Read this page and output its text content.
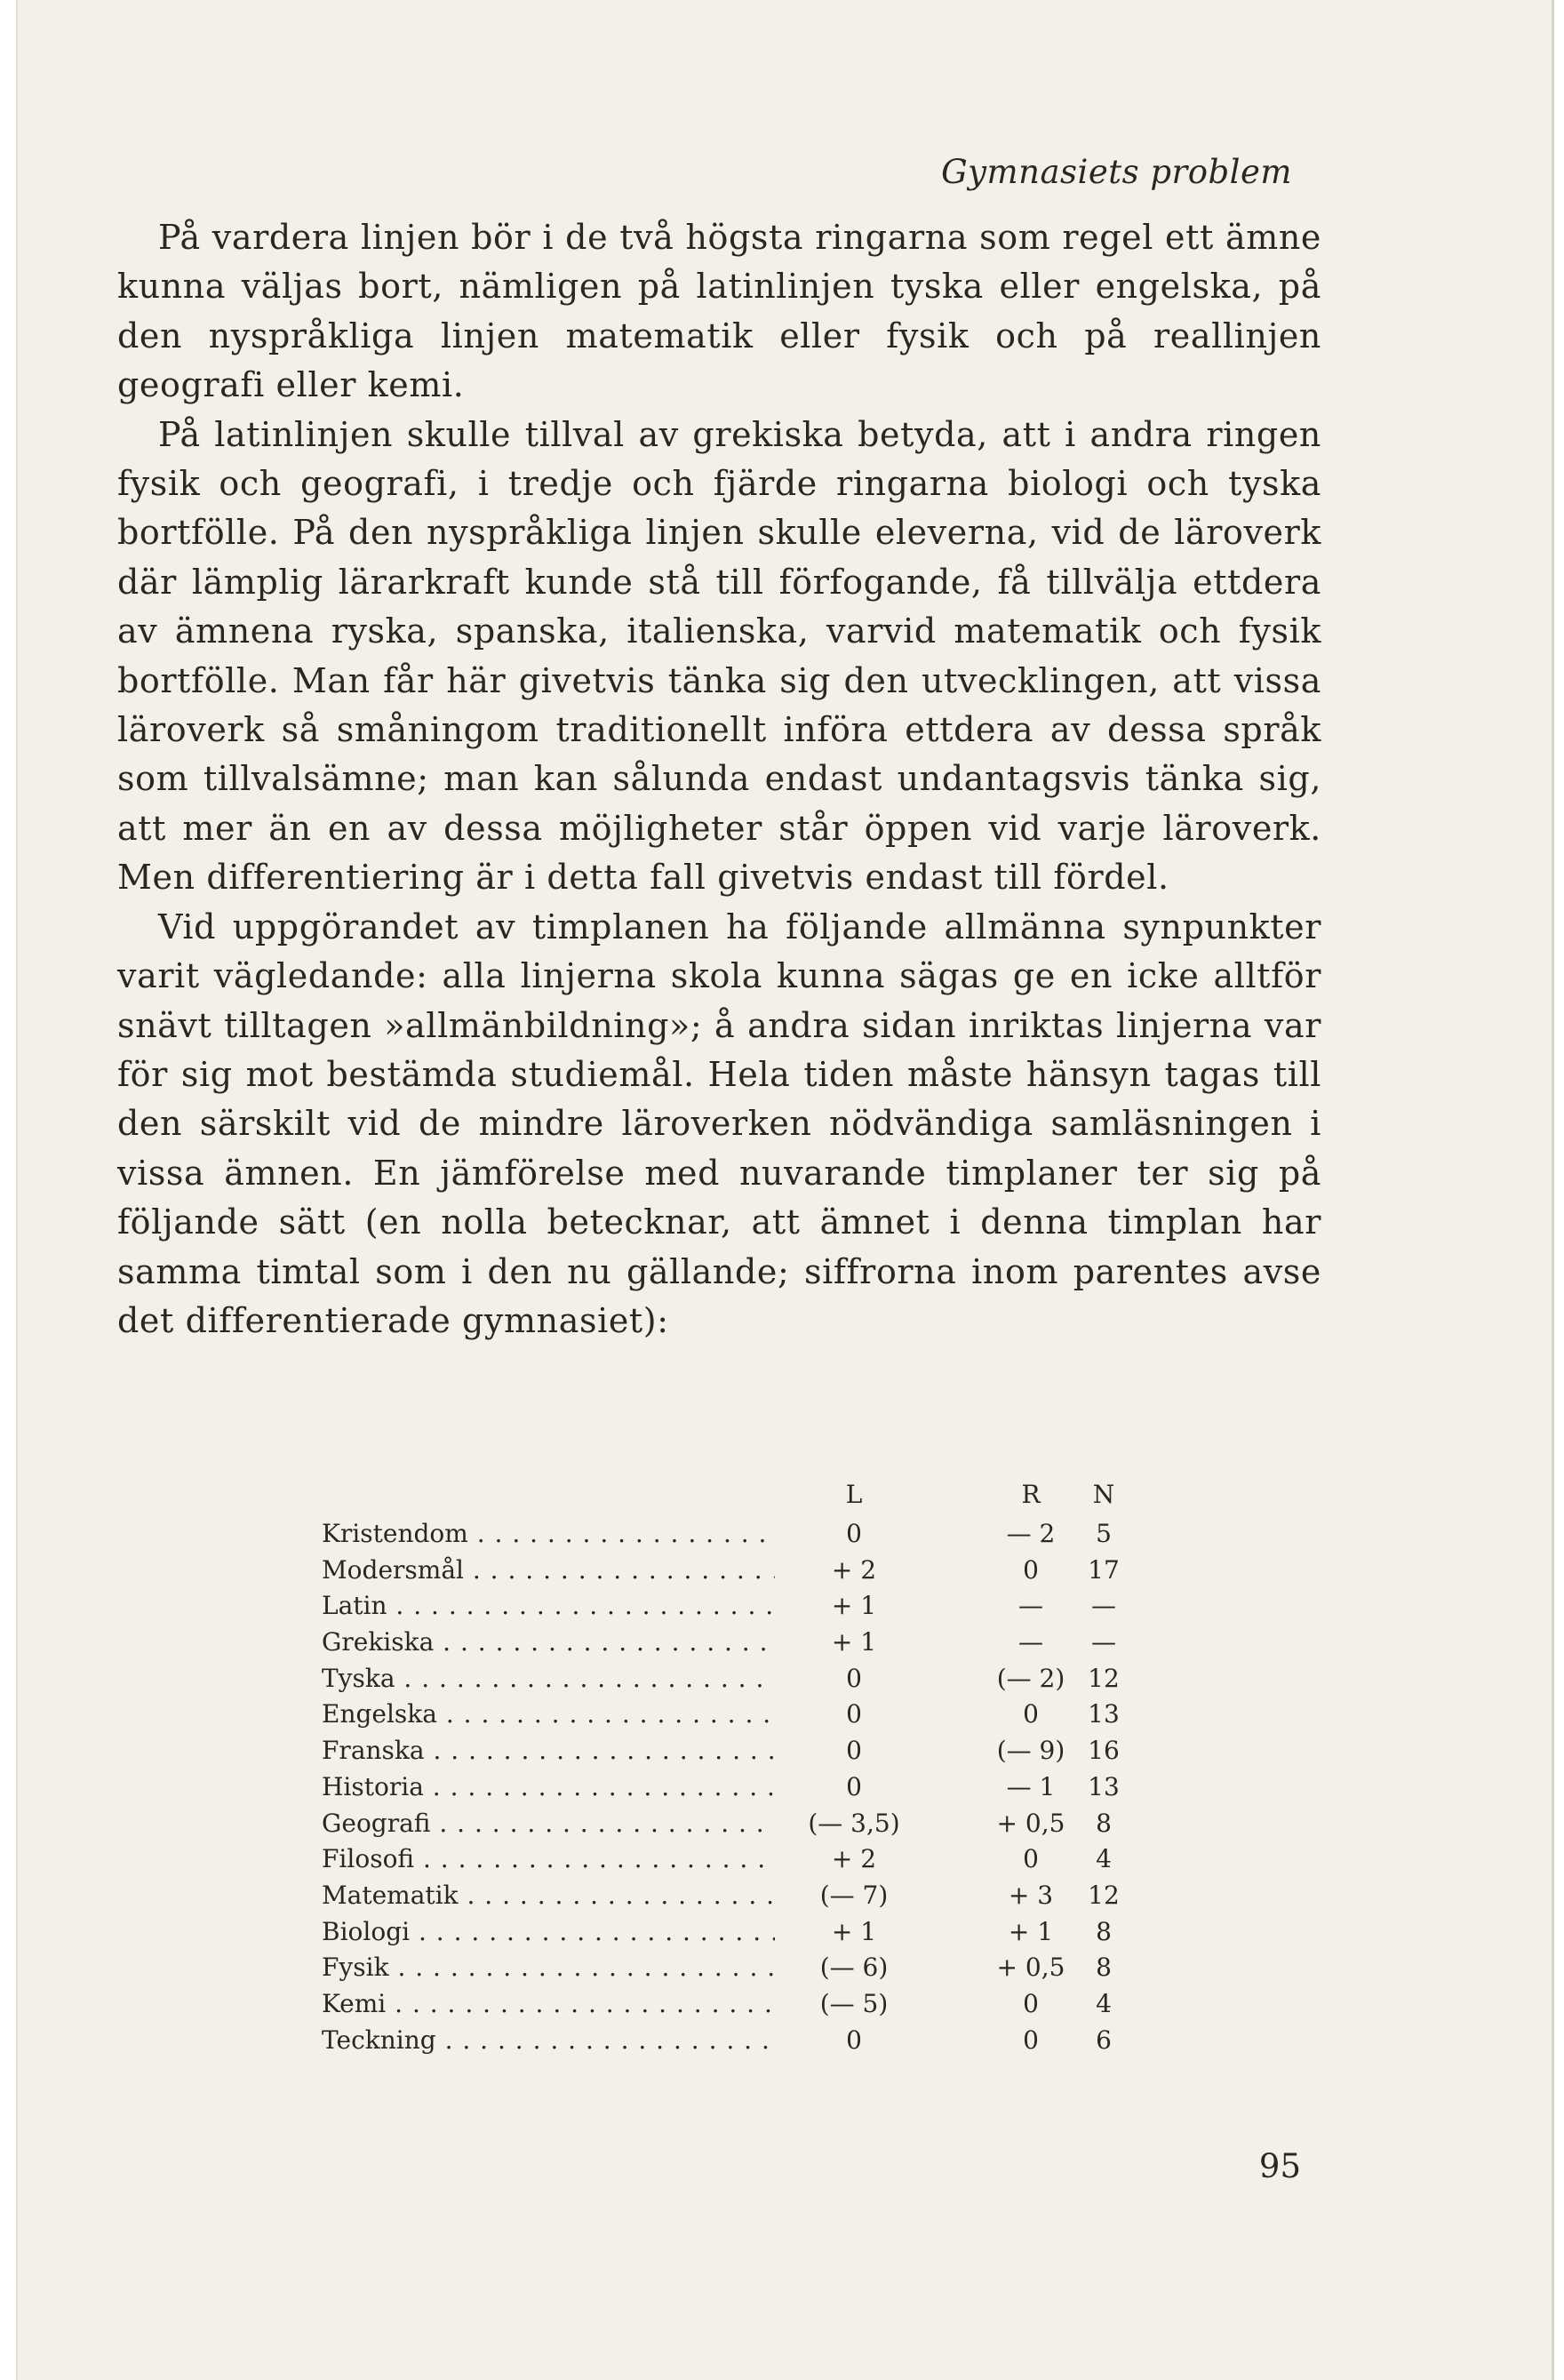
Gymnasiets problem

På vardera linjen bör i de två högsta ringarna som regel ett ämne kunna väljas bort, nämligen på latinlinjen tyska eller engelska, på den nyspråkliga linjen matematik eller fysik och på reallinjen geografi eller kemi.

På latinlinjen skulle tillval av grekiska betyda, att i andra ringen fysik och geografi, i tredje och fjärde ringarna biologi och tyska bortfölle. På den nyspråkliga linjen skulle eleverna, vid de läroverk där lämplig lärarkraft kunde stå till förfogande, få tillvälja ettdera av ämnena ryska, spanska, italienska, varvid matematik och fysik bortfölle. Man får här givetvis tänka sig den utvecklingen, att vissa läroverk så småningom traditionellt införa ettdera av dessa språk som tillvalsämne; man kan sålunda endast undantagsvis tänka sig, att mer än en av dessa möjligheter står öppen vid varje läroverk. Men differentiering är i detta fall givetvis endast till fördel.

Vid uppgörandet av timplanen ha följande allmänna synpunkter varit vägledande: alla linjerna skola kunna sägas ge en icke alltför snävt tilltagen »allmänbildning»; å andra sidan inriktas linjerna var för sig mot bestämda studiemål. Hela tiden måste hänsyn tagas till den särskilt vid de mindre läroverken nödvändiga samläsningen i vissa ämnen. En jämförelse med nuvarande timplaner ter sig på följande sätt (en nolla betecknar, att ämnet i denna timplan har samma timtal som i den nu gällande; siffrorna inom parentes avse det differentierade gymnasiet):

L	R	N
Kristendom . . .	0	— 2	5
Modersmål . . .	+ 2	0	17
Latin . . .	+ 1	—	—
Grekiska . . .	+ 1	—	—
Tyska . . .	0	(— 2) 12
Engelska . . .	0	0	13
Franska . . .	0	(— 9) 16
Historia . . .	0	— 1	13
Geografi . . .	(— 3,5)	+ 0,5	8
Filosofi . . .	+ 2	0	4
Matematik . . .	(— 7)	+ 3	12
Biologi . . .	+ 1	+ 1	8
Fysik . . .	(— 6)	+ 0,5	8
Kemi . . .	(— 5)	0	4
Teckning . . .	0	0	6
95
